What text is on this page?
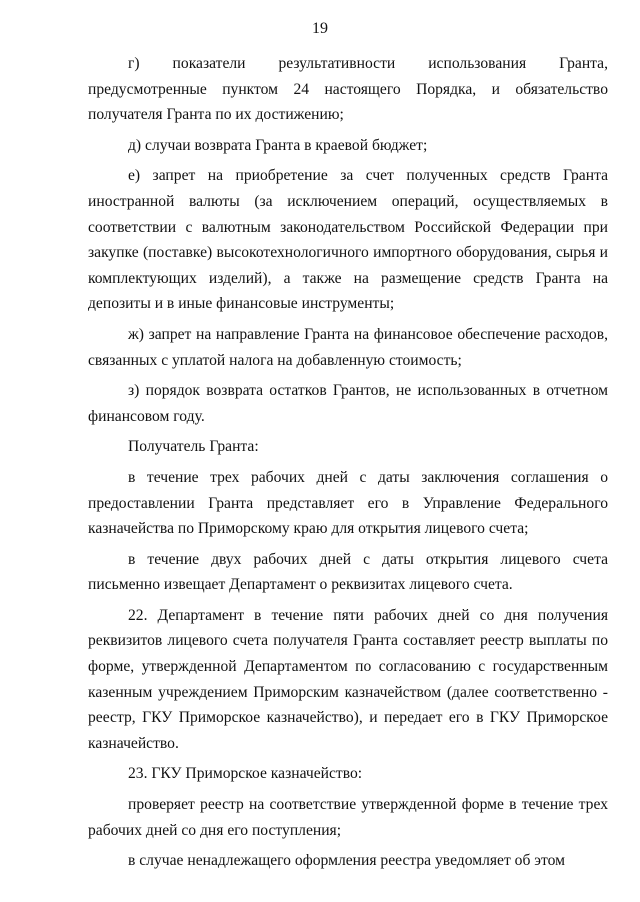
19

г) показатели результативности использования Гранта, предусмотренные пунктом 24 настоящего Порядка, и обязательство получателя Гранта по их достижению;

д) случаи возврата Гранта в краевой бюджет;

е) запрет на приобретение за счет полученных средств Гранта иностранной валюты (за исключением операций, осуществляемых в соответствии с валютным законодательством Российской Федерации при закупке (поставке) высокотехнологичного импортного оборудования, сырья и комплектующих изделий), а также на размещение средств Гранта на депозиты и в иные финансовые инструменты;

ж) запрет на направление Гранта на финансовое обеспечение расходов, связанных с уплатой налога на добавленную стоимость;

з) порядок возврата остатков Грантов, не использованных в отчетном финансовом году.

Получатель Гранта:

в течение трех рабочих дней с даты заключения соглашения о предоставлении Гранта представляет его в Управление Федерального казначейства по Приморскому краю для открытия лицевого счета;

в течение двух рабочих дней с даты открытия лицевого счета письменно извещает Департамент о реквизитах лицевого счета.

22. Департамент в течение пяти рабочих дней со дня получения реквизитов лицевого счета получателя Гранта составляет реестр выплаты по форме, утвержденной Департаментом по согласованию с государственным казенным учреждением Приморским казначейством (далее соответственно - реестр, ГКУ Приморское казначейство), и передает его в ГКУ Приморское казначейство.

23. ГКУ Приморское казначейство:

проверяет реестр на соответствие утвержденной форме в течение трех рабочих дней со дня его поступления;

в случае ненадлежащего оформления реестра уведомляет об этом
